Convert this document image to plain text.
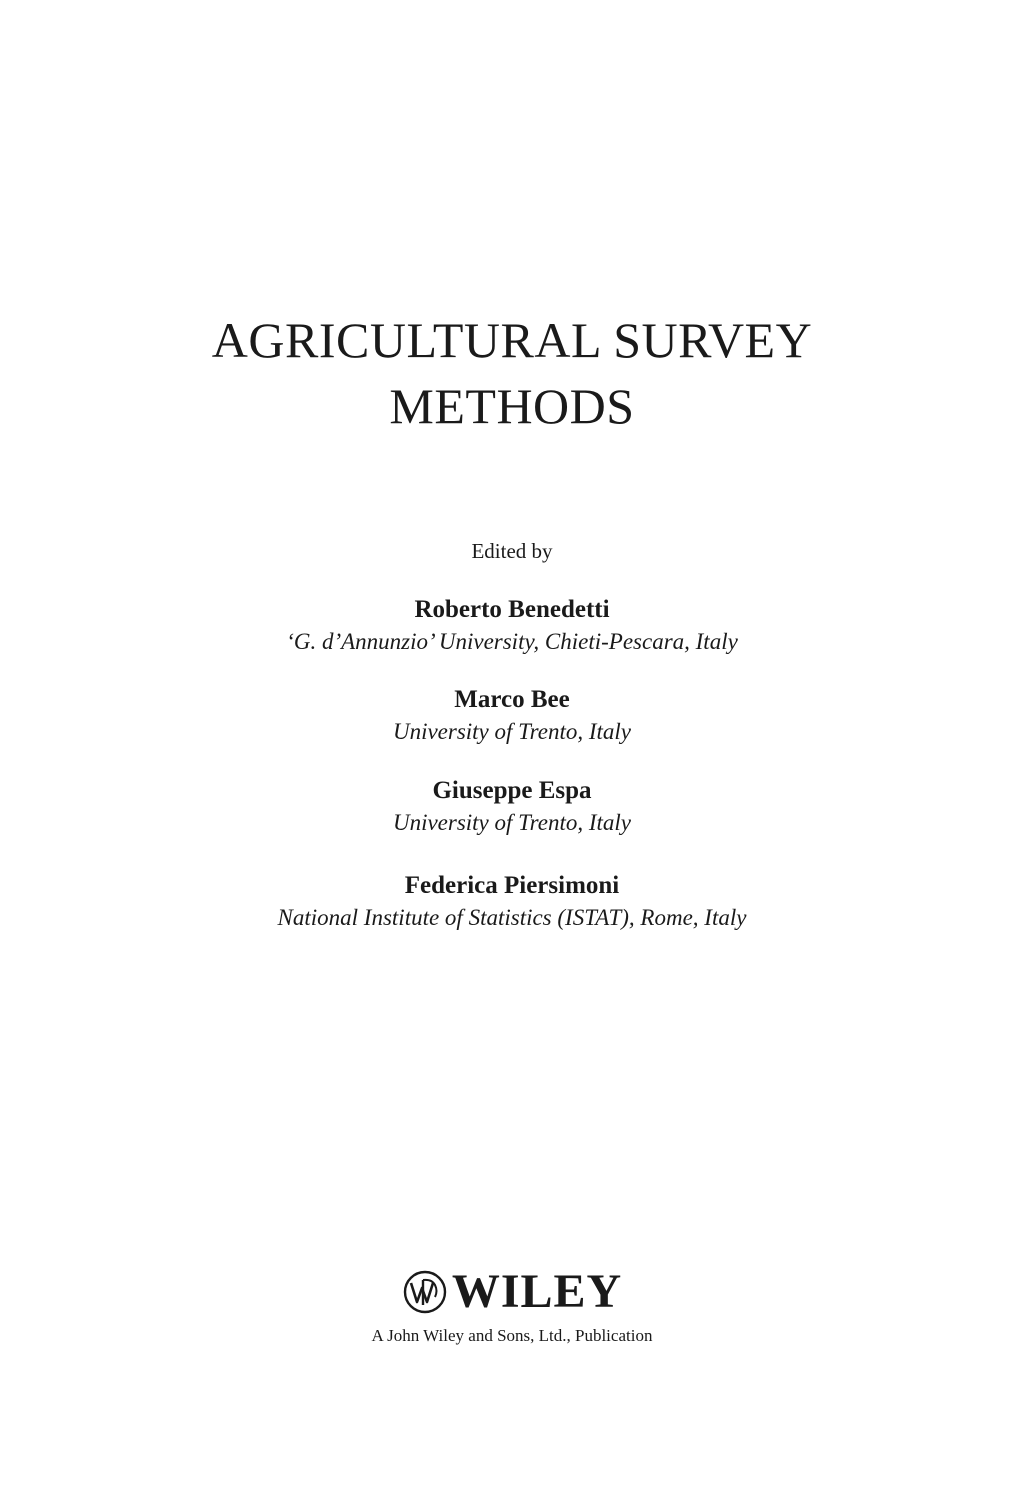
AGRICULTURAL SURVEY
METHODS
Edited by
Roberto Benedetti
‘G. d’Annunzio’ University, Chieti-Pescara, Italy
Marco Bee
University of Trento, Italy
Giuseppe Espa
University of Trento, Italy
Federica Piersimoni
National Institute of Statistics (ISTAT), Rome, Italy
WILEY
A John Wiley and Sons, Ltd., Publication
